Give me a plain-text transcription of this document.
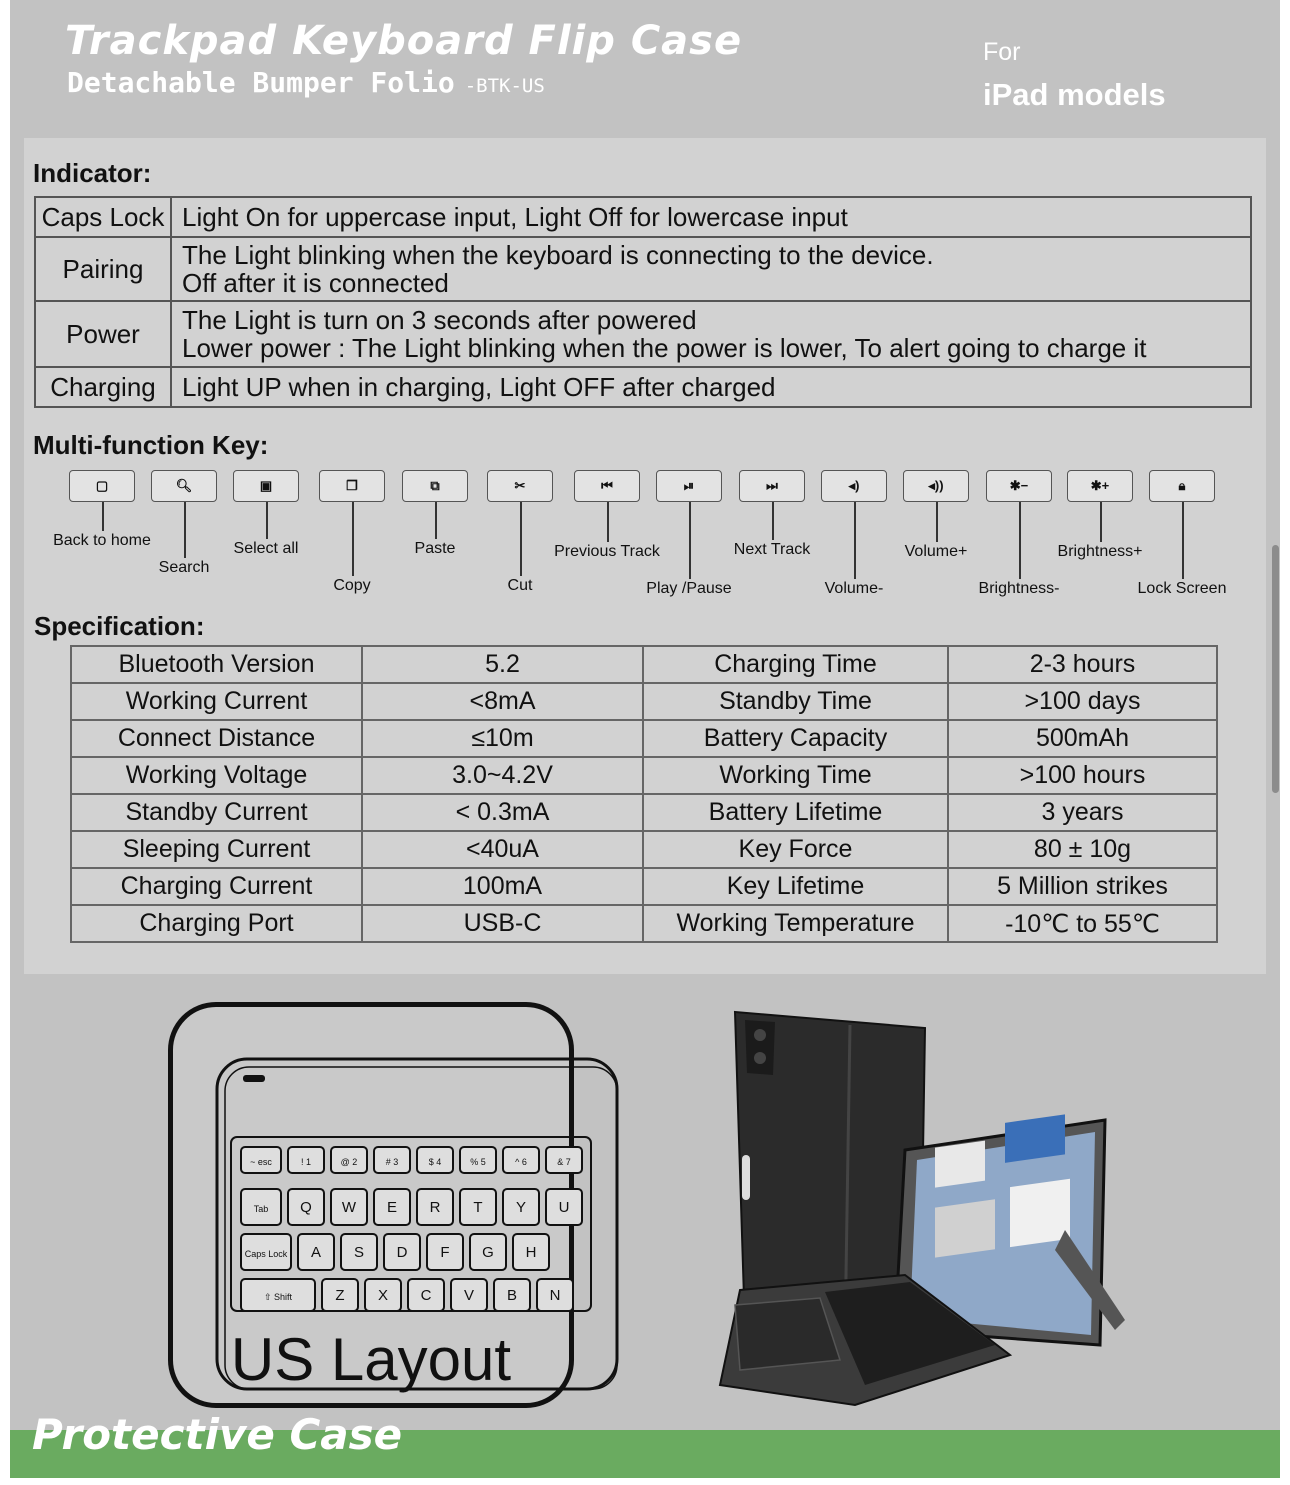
Trackpad Keyboard Flip Case
Detachable Bumper Folio -BTK-US
For
iPad models
Indicator:
Caps Lock	Light On for uppercase input, Light Off for lowercase input

Pairing	The Light blinking when the keyboard is connecting to the device.
Off after it is connected

Power	The Light is turn on 3 seconds after powered
Lower power : The Light blinking when the power is lower, To alert going to charge it

Charging	Light UP when in charging, Light OFF after charged
Multi-function Key:
▢
Back to home
🔍︎
Search
▣
Select all
❐
Copy
⧉
Paste
✂
Cut
⏮
Previous Track
⏯
Play /Pause
⏭
Next Track
◂)
Volume-
◂))
Volume+
✱−
Brightness-
✱+
Brightness+
🔒︎
Lock Screen
Specification:
Bluetooth Version	5.2	Charging Time	2-3 hours
Working Current	<8mA	Standby Time	>100 days
Connect Distance	≤10m	Battery Capacity	500mAh
Working Voltage	3.0~4.2V	Working Time	>100 hours
Standby Current	< 0.3mA	Battery Lifetime	3 years
Sleeping Current	<40uA	Key Force	80 ± 10g
Charging Current	100mA	Key Lifetime	5 Million strikes
Charging Port	USB-C	Working Temperature	-10℃ to 55℃
~ esc	! 1	@ 2	# 3	$ 4	% 5	^ 6	& 7
Tab Q W E R T Y U
Caps Lock A S D F G H
⇧ Shift	Z X C V B N
US Layout
Protective Case
